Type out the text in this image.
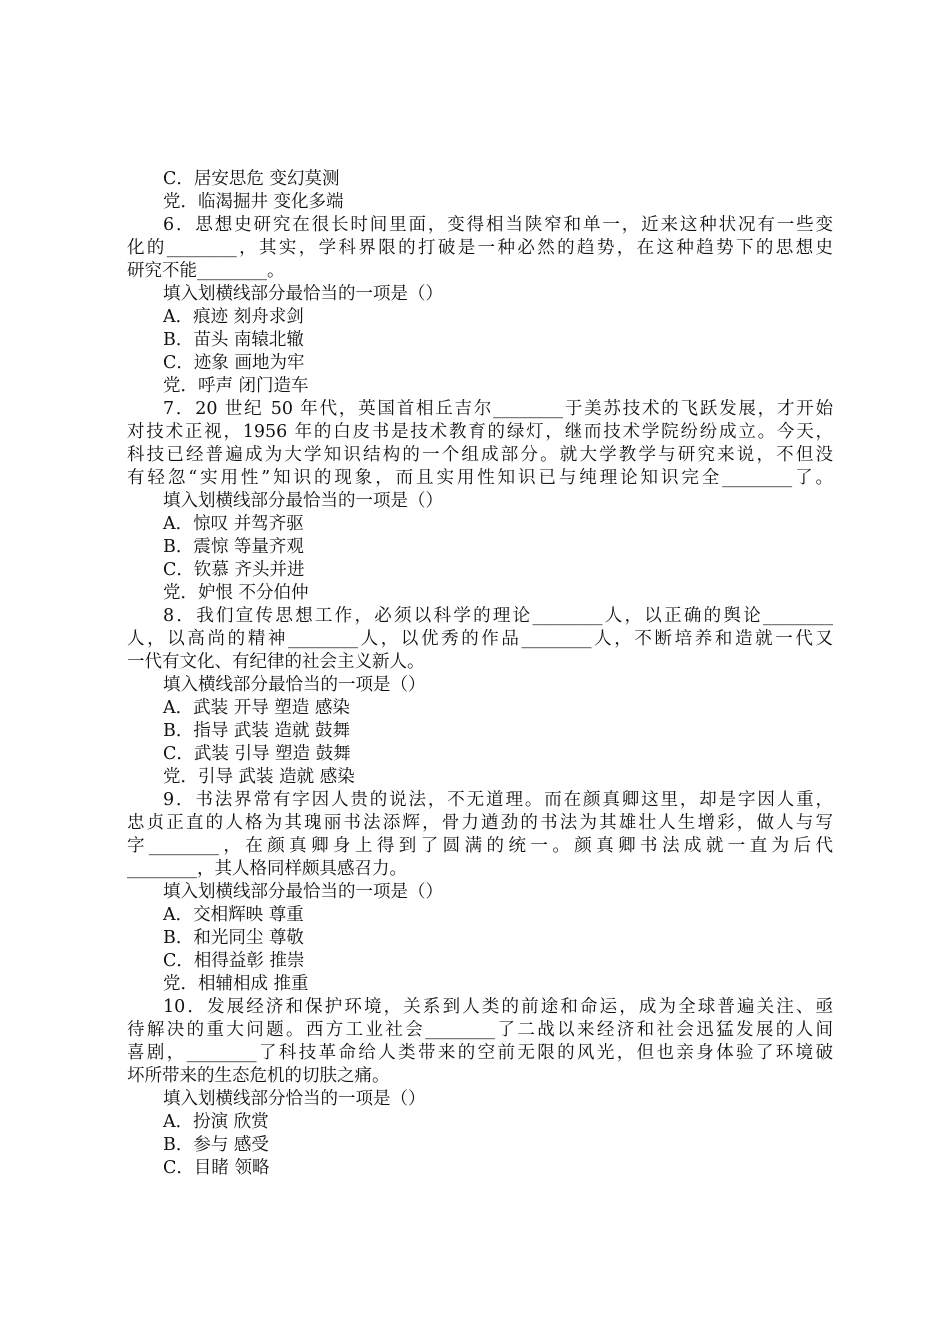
C．居安思危 变幻莫测
党．临渴掘井 变化多端
6．思想史研究在很长时间里面，变得相当陕窄和单一，近来这种状况有一些变
化的________，其实，学科界限的打破是一种必然的趋势，在这种趋势下的思想史
研究不能________。
填入划横线部分最恰当的一项是（）
A．痕迹 刻舟求剑
B．苗头 南辕北辙
C．迹象 画地为牢
党．呼声 闭门造车
7．20 世纪 50 年代，英国首相丘吉尔________于美苏技术的飞跃发展，才开始
对技术正视，1956 年的白皮书是技术教育的绿灯，继而技术学院纷纷成立。今天，
科技已经普遍成为大学知识结构的一个组成部分。就大学教学与研究来说，不但没
有轻忽“实用性”知识的现象，而且实用性知识已与纯理论知识完全________了。
填入划横线部分最恰当的一项是（）
A．惊叹 并驾齐驱
B．震惊 等量齐观
C．钦慕 齐头并进
党．妒恨 不分伯仲
8．我们宣传思想工作，必须以科学的理论________人，以正确的舆论________
人，以高尚的精神________人，以优秀的作品________人，不断培养和造就一代又
一代有文化、有纪律的社会主义新人。
填入横线部分最恰当的一项是（）
A．武装 开导 塑造 感染
B．指导 武装 造就 鼓舞
C．武装 引导 塑造 鼓舞
党．引导 武装 造就 感染
9．书法界常有字因人贵的说法，不无道理。而在颜真卿这里，却是字因人重，
忠贞正直的人格为其瑰丽书法添辉，骨力遒劲的书法为其雄壮人生增彩，做人与写
字________，在颜真卿身上得到了圆满的统一。颜真卿书法成就一直为后代
________，其人格同样颇具感召力。
填入划横线部分最恰当的一项是（）
A．交相辉映 尊重
B．和光同尘 尊敬
C．相得益彰 推崇
党．相辅相成 推重
10．发展经济和保护环境，关系到人类的前途和命运，成为全球普遍关注、亟
待解决的重大问题。西方工业社会________了二战以来经济和社会迅猛发展的人间
喜剧，________了科技革命给人类带来的空前无限的风光，但也亲身体验了环境破
坏所带来的生态危机的切肤之痛。
填入划横线部分恰当的一项是（）
A．扮演 欣赏
B．参与 感受
C．目睹 领略
